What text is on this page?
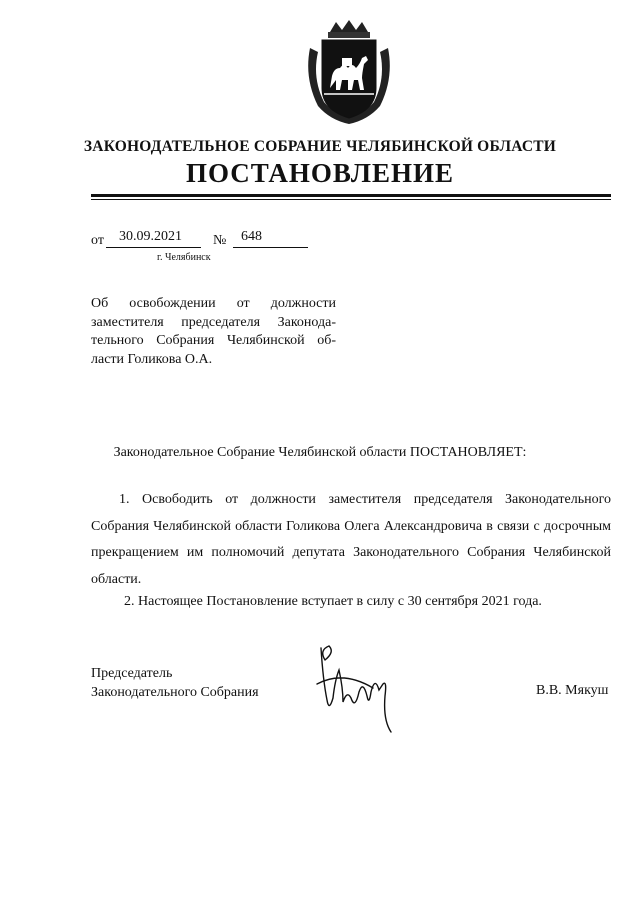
ЗАКОНОДАТЕЛЬНОЕ СОБРАНИЕ ЧЕЛЯБИНСКОЙ ОБЛАСТИ
ПОСТАНОВЛЕНИЕ
от 30.09.2021 № 648
г. Челябинск
Об освобождении от должности
заместителя председателя Законода-
тельного Собрания Челябинской об-
ласти Голикова О.А.
Законодательное Собрание Челябинской области ПОСТАНОВЛЯЕТ:
1. Освободить от должности заместителя председателя Законодательного Собрания Челябинской области Голикова Олега Александровича в связи с досрочным прекращением им полномочий депутата Законодательного Собрания Челябинской области.
2. Настоящее Постановление вступает в силу с 30 сентября 2021 года.
Председатель
Законодательного Собрания	В.В. Мякуш
